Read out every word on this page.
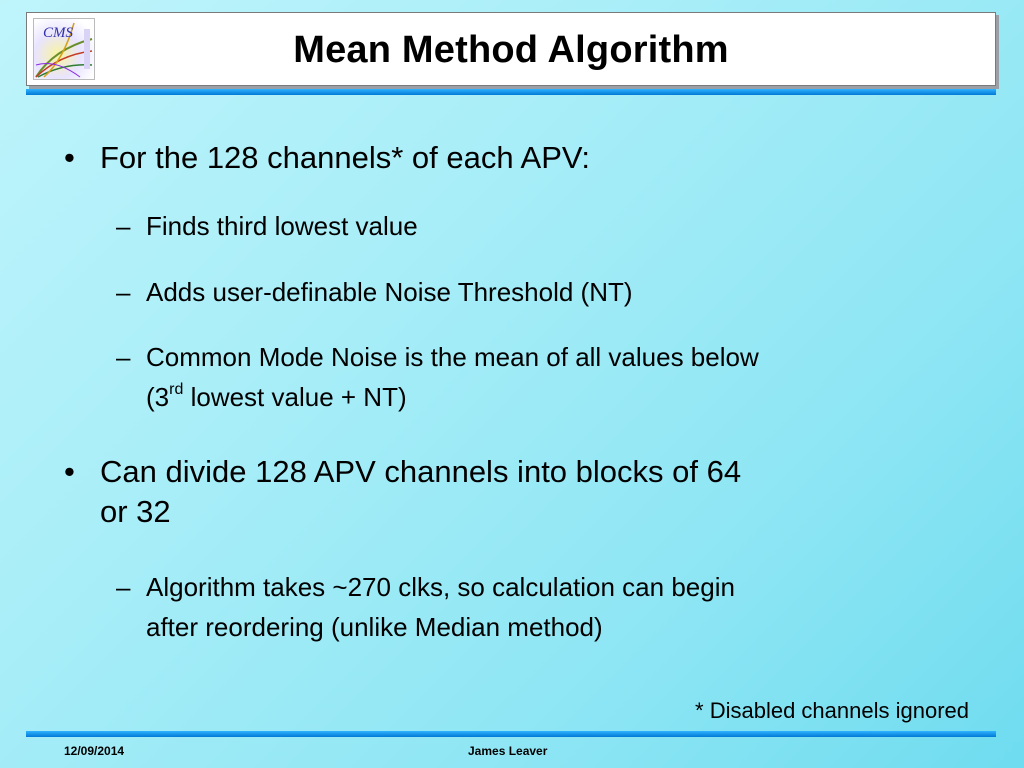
CMS	Mean Method Algorithm
• For the 128 channels* of each APV:
– Finds third lowest value
– Adds user-definable Noise Threshold (NT)
– Common Mode Noise is the mean of all values below
(3rd lowest value + NT)
• Can divide 128 APV channels into blocks of 64
or 32
– Algorithm takes ~270 clks, so calculation can begin
after reordering (unlike Median method)
* Disabled channels ignored
12/09/2014	James Leaver
